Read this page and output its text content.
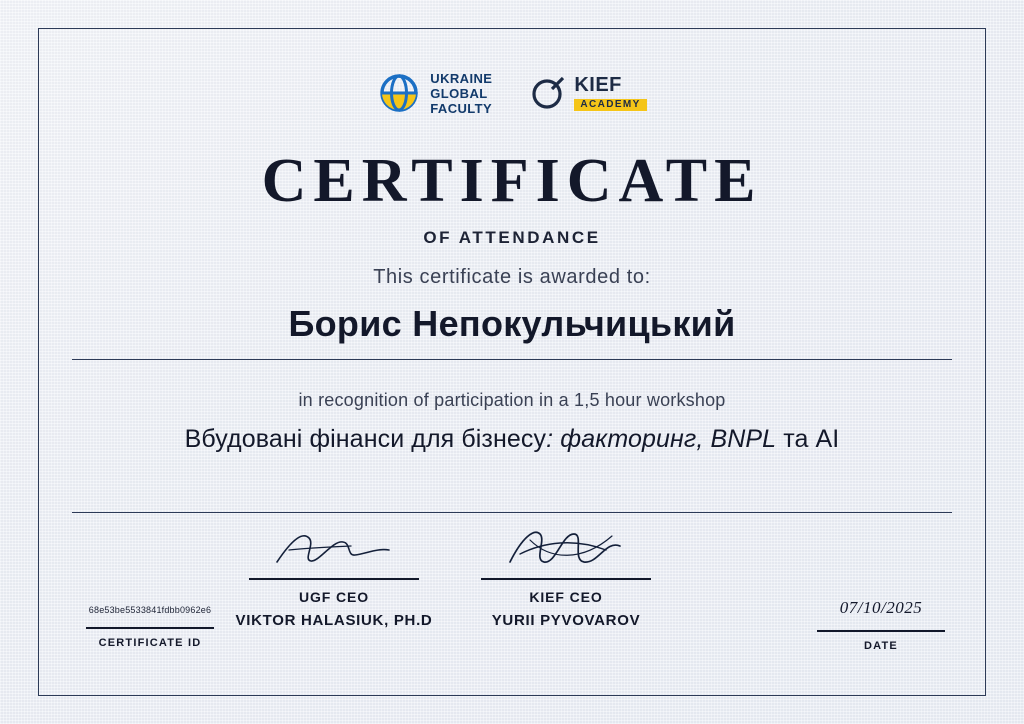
UKRAINE
GLOBAL
FACULTY
KIEF
ACADEMY
CERTIFICATE
OF ATTENDANCE
This certificate is awarded to:
Борис Непокульчицький
in recognition of participation in a 1,5 hour workshop
Вбудовані фінанси для бізнесу: факторинг, BNPL та AI
UGF CEO
VIKTOR HALASIUK, PH.D
KIEF CEO
YURII PYVOVAROV
68e53be5533841fdbb0962e6
CERTIFICATE ID
07/10/2025
DATE
